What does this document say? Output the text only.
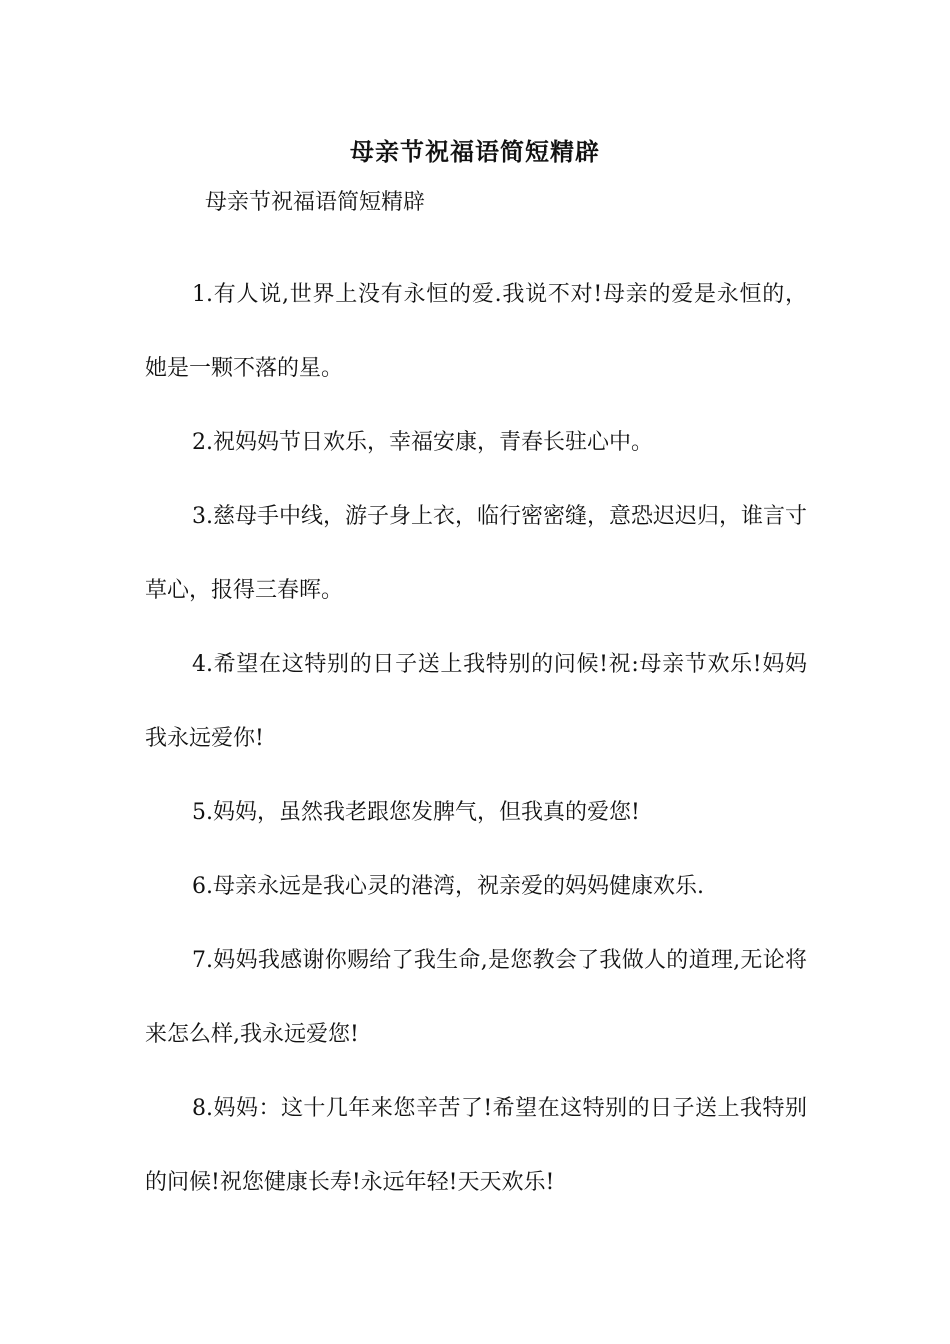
母亲节祝福语简短精辟
母亲节祝福语简短精辟

1.有人说,世界上没有永恒的爱.我说不对!母亲的爱是永恒的，她是一颗不落的星。

2.祝妈妈节日欢乐，幸福安康，青春长驻心中。

3.慈母手中线，游子身上衣，临行密密缝，意恐迟迟归，谁言寸草心，报得三春晖。

4.希望在这特别的日子送上我特别的问候!祝:母亲节欢乐!妈妈我永远爱你!

5.妈妈，虽然我老跟您发脾气，但我真的爱您!

6.母亲永远是我心灵的港湾，祝亲爱的妈妈健康欢乐.

7.妈妈我感谢你赐给了我生命,是您教会了我做人的道理,无论将来怎么样,我永远爱您!

8.妈妈：这十几年来您辛苦了!希望在这特别的日子送上我特别的问候!祝您健康长寿!永远年轻!天天欢乐!
